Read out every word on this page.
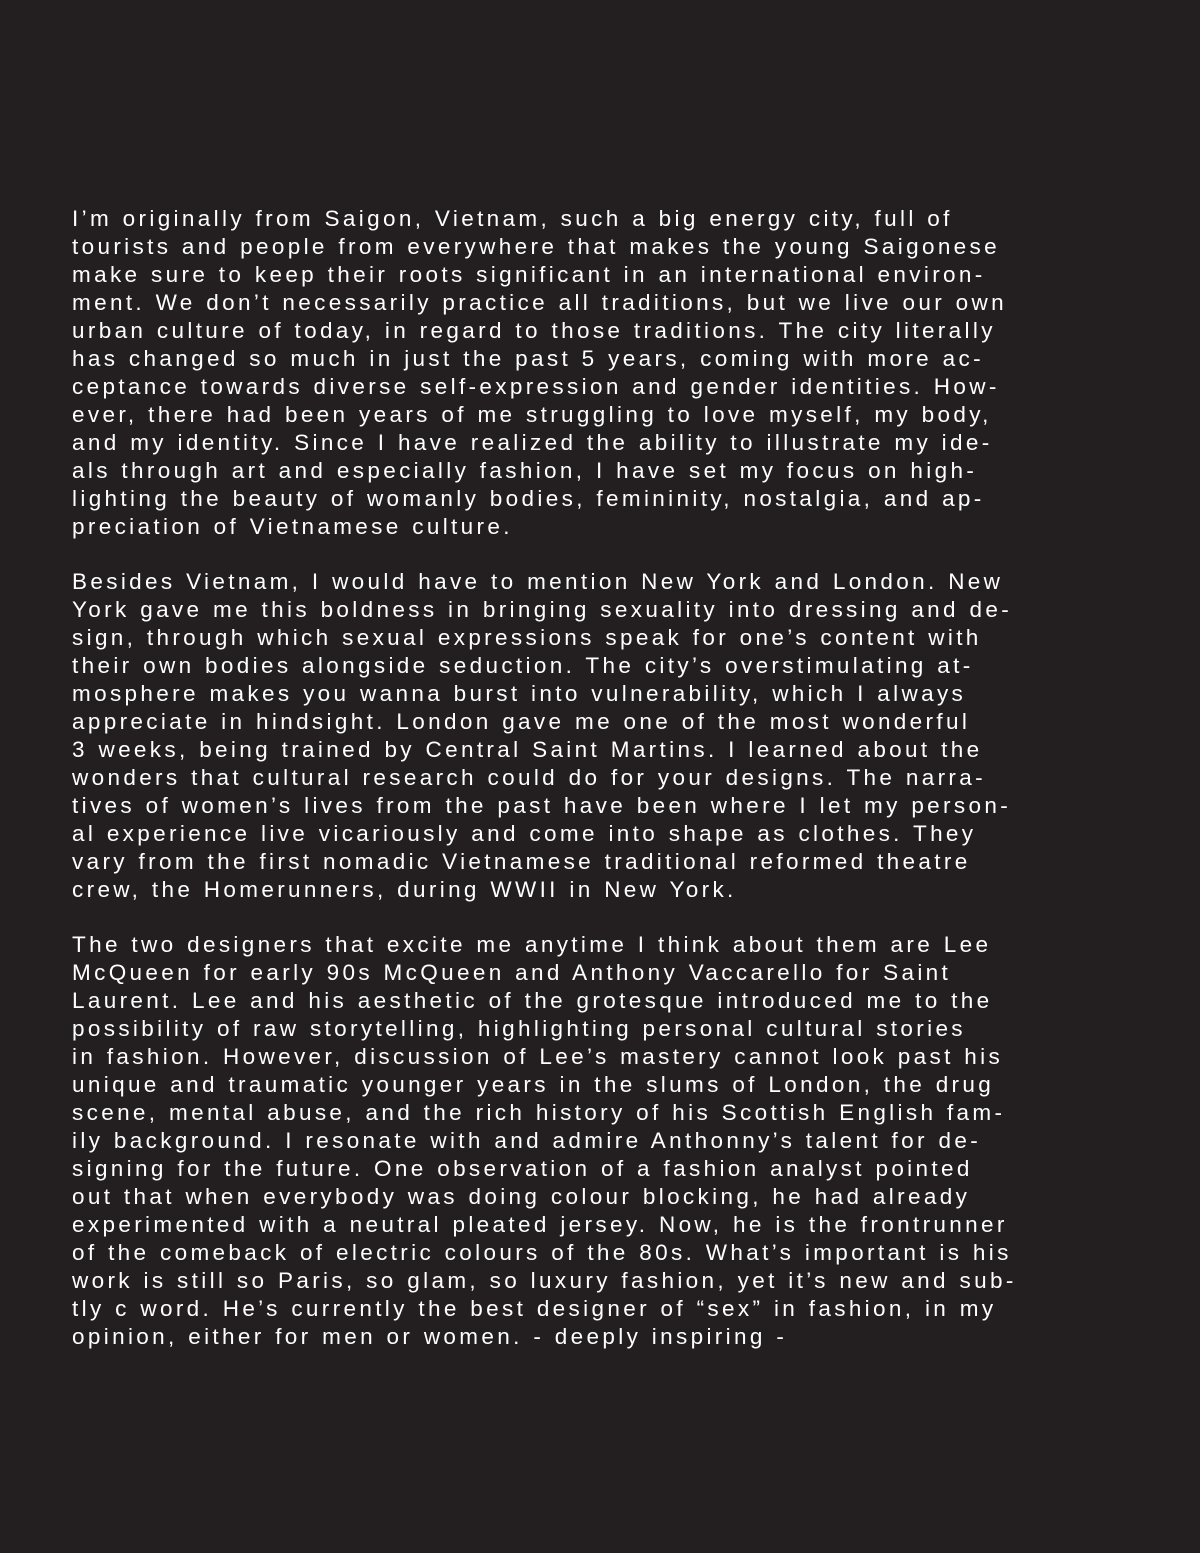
I’m originally from Saigon, Vietnam, such a big energy city, full of
tourists and people from everywhere that makes the young Saigonese
make sure to keep their roots significant in an international environ-
ment. We don’t necessarily practice all traditions, but we live our own
urban culture of today, in regard to those traditions. The city literally
has changed so much in just the past 5 years, coming with more ac-
ceptance towards diverse self-expression and gender identities. How-
ever, there had been years of me struggling to love myself, my body,
and my identity. Since I have realized the ability to illustrate my ide-
als through art and especially fashion, I have set my focus on high-
lighting the beauty of womanly bodies, femininity, nostalgia, and ap-
preciation of Vietnamese culture.
Besides Vietnam, I would have to mention New York and London. New
York gave me this boldness in bringing sexuality into dressing and de-
sign, through which sexual expressions speak for one’s content with
their own bodies alongside seduction. The city’s overstimulating at-
mosphere makes you wanna burst into vulnerability, which I always
appreciate in hindsight. London gave me one of the most wonderful
3 weeks, being trained by Central Saint Martins. I learned about the
wonders that cultural research could do for your designs. The narra-
tives of women’s lives from the past have been where I let my person-
al experience live vicariously and come into shape as clothes. They
vary from the first nomadic Vietnamese traditional reformed theatre
crew, the Homerunners, during WWII in New York.
The two designers that excite me anytime I think about them are Lee
McQueen for early 90s McQueen and Anthony Vaccarello for Saint
Laurent. Lee and his aesthetic of the grotesque introduced me to the
possibility of raw storytelling, highlighting personal cultural stories
in fashion. However, discussion of Lee’s mastery cannot look past his
unique and traumatic younger years in the slums of London, the drug
scene, mental abuse, and the rich history of his Scottish English fam-
ily background. I resonate with and admire Anthonny’s talent for de-
signing for the future. One observation of a fashion analyst pointed
out that when everybody was doing colour blocking, he had already
experimented with a neutral pleated jersey. Now, he is the frontrunner
of the comeback of electric colours of the 80s. What’s important is his
work is still so Paris, so glam, so luxury fashion, yet it’s new and sub-
tly c word. He’s currently the best designer of “sex” in fashion, in my
opinion, either for men or women. - deeply inspiring -
